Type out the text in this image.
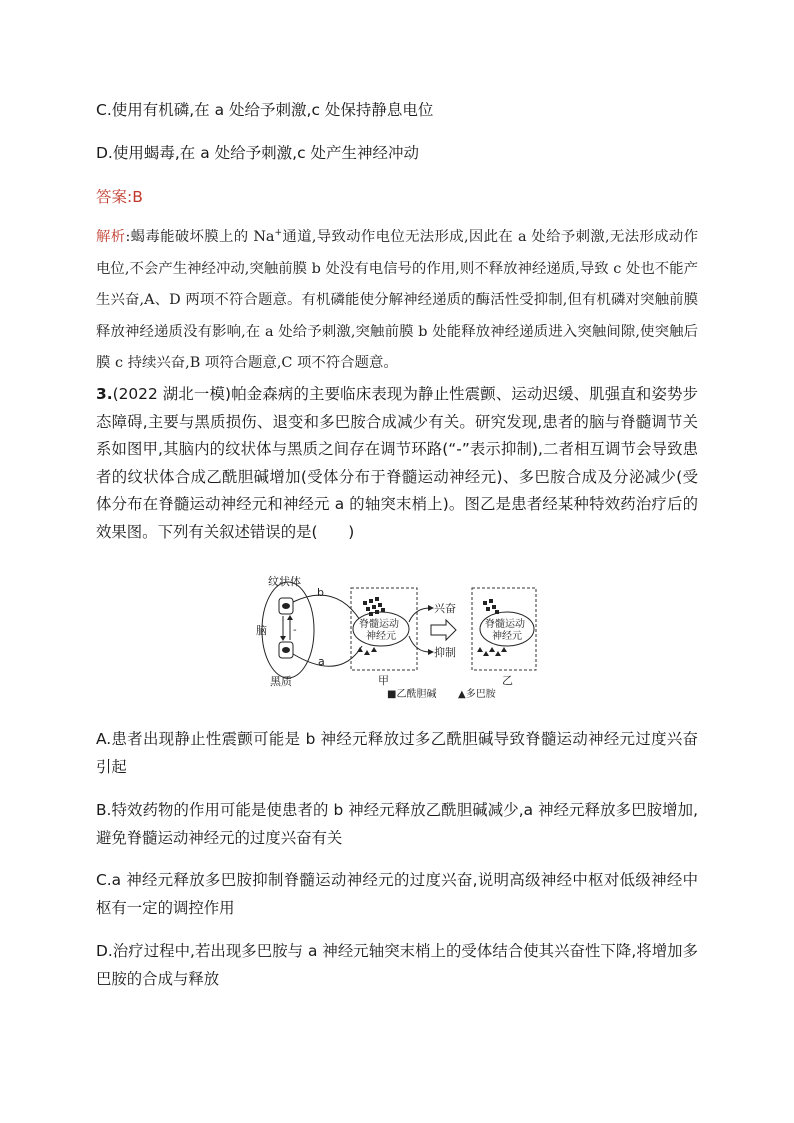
C.使用有机磷,在 a 处给予刺激,c 处保持静息电位
D.使用蝎毒,在 a 处给予刺激,c 处产生神经冲动
答案:B
解析:蝎毒能破坏膜上的 Na+通道,导致动作电位无法形成,因此在 a 处给予刺激,无法形成动作电位,不会产生神经冲动,突触前膜 b 处没有电信号的作用,则不释放神经递质,导致 c 处也不能产生兴奋,A、D 两项不符合题意。有机磷能使分解神经递质的酶活性受抑制,但有机磷对突触前膜释放神经递质没有影响,在 a 处给予刺激,突触前膜 b 处能释放神经递质进入突触间隙,使突触后膜 c 持续兴奋,B 项符合题意,C 项不符合题意。
3.(2022 湖北一模)帕金森病的主要临床表现为静止性震颤、运动迟缓、肌强直和姿势步态障碍,主要与黑质损伤、退变和多巴胺合成减少有关。研究发现,患者的脑与脊髓调节关系如图甲,其脑内的纹状体与黑质之间存在调节环路(“-”表示抑制),二者相互调节会导致患者的纹状体合成乙酰胆碱增加(受体分布于脊髓运动神经元)、多巴胺合成及分泌减少(受体分布在脊髓运动神经元和神经元 a 的轴突末梢上)。图乙是患者经某种特效药治疗后的效果图。下列有关叙述错误的是(　　)
-
纹状体
脑
黑质
b
a
脊髓运动
神经元
甲
兴奋
抑制
脊髓运动
神经元
乙
■乙酰胆碱 ▲多巴胺
A.患者出现静止性震颤可能是 b 神经元释放过多乙酰胆碱导致脊髓运动神经元过度兴奋引起
B.特效药物的作用可能是使患者的 b 神经元释放乙酰胆碱减少,a 神经元释放多巴胺增加,避免脊髓运动神经元的过度兴奋有关
C.a 神经元释放多巴胺抑制脊髓运动神经元的过度兴奋,说明高级神经中枢对低级神经中枢有一定的调控作用
D.治疗过程中,若出现多巴胺与 a 神经元轴突末梢上的受体结合使其兴奋性下降,将增加多巴胺的合成与释放
